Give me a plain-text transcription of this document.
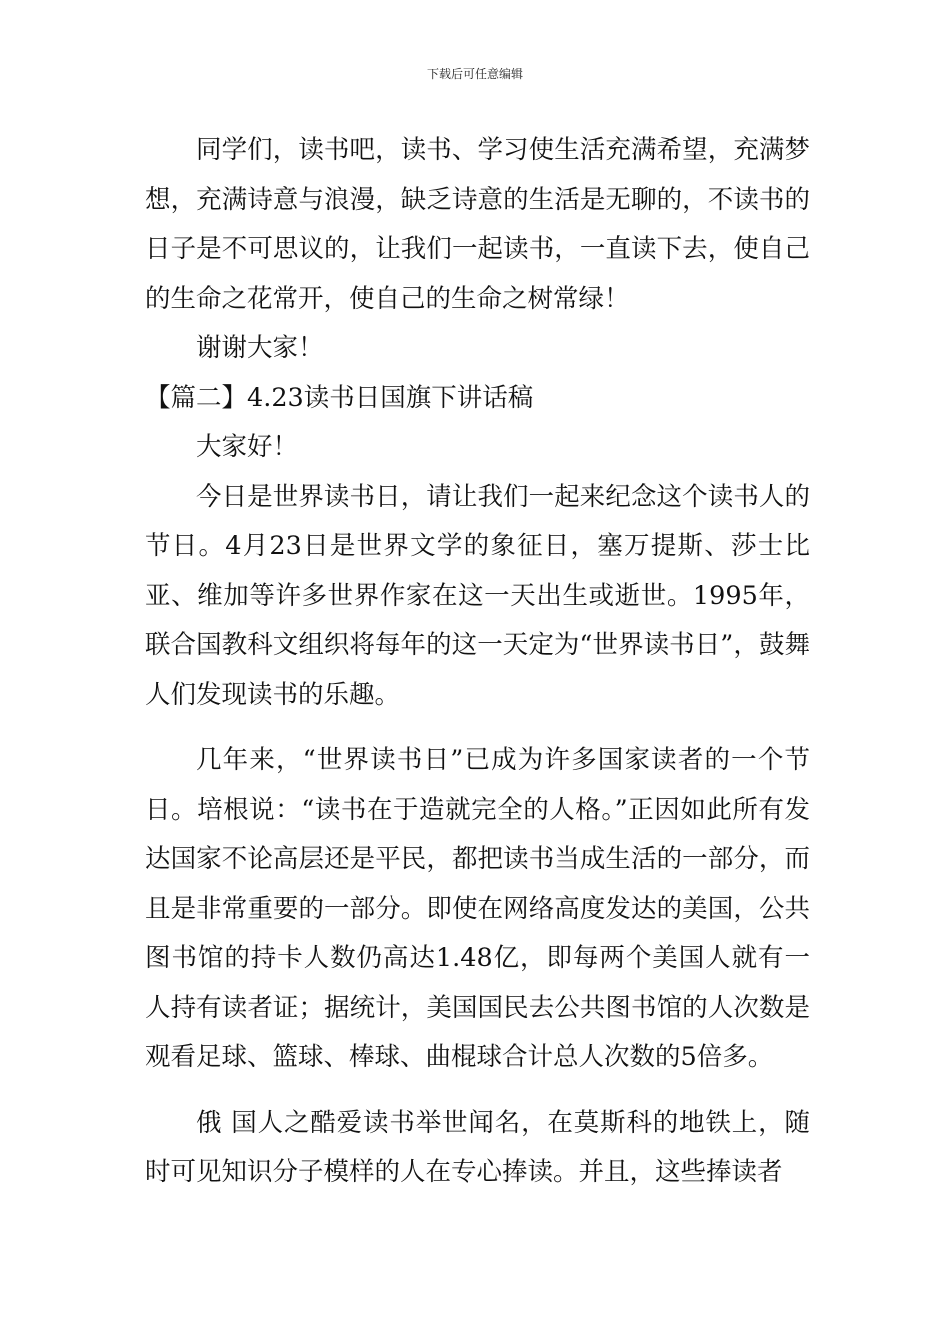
下载后可任意编辑

同学们，读书吧，读书、学习使生活充满希望，充满梦想，充满诗意与浪漫，缺乏诗意的生活是无聊的，不读书的日子是不可思议的，让我们一起读书，一直读下去，使自己的生命之花常开，使自己的生命之树常绿！

谢谢大家！

【篇二】4.23读书日国旗下讲话稿

大家好！

今日是世界读书日，请让我们一起来纪念这个读书人的节日。4月23日是世界文学的象征日，塞万提斯、莎士比亚、维加等许多世界作家在这一天出生或逝世。1995年，联合国教科文组织将每年的这一天定为“世界读书日”，鼓舞人们发现读书的乐趣。

几年来，“世界读书日”已成为许多国家读者的一个节日。培根说：“读书在于造就完全的人格。”正因如此所有发达国家不论高层还是平民，都把读书当成生活的一部分，而且是非常重要的一部分。即使在网络高度发达的美国，公共图书馆的持卡人数仍高达1.48亿，即每两个美国人就有一人持有读者证；据统计，美国国民去公共图书馆的人次数是观看足球、篮球、棒球、曲棍球合计总人次数的5倍多。

俄 国人之酷爱读书举世闻名，在莫斯科的地铁上，随时可见知识分子模样的人在专心捧读。并且，这些捧读者
